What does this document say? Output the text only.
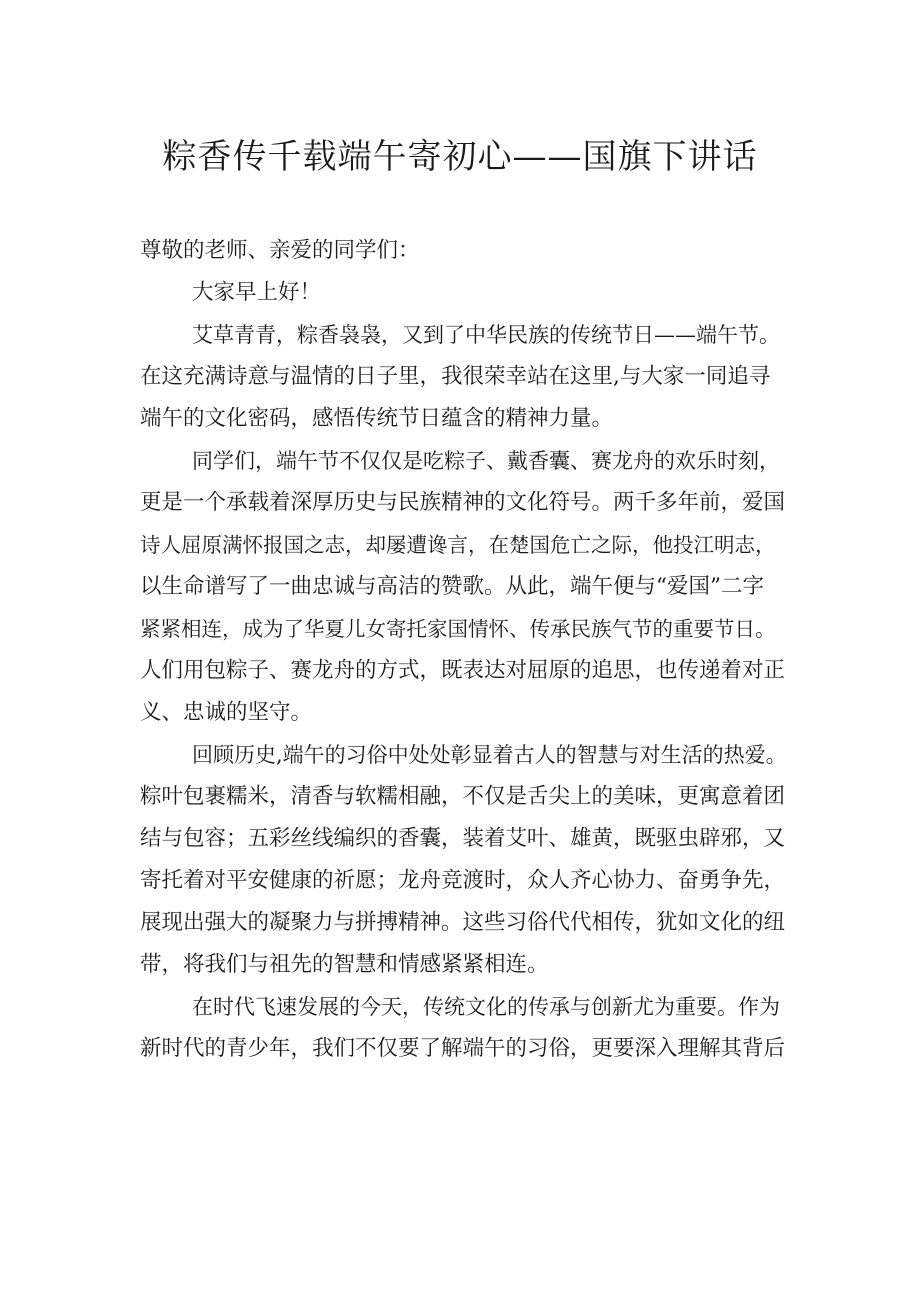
粽香传千载端午寄初心——国旗下讲话
尊敬的老师、亲爱的同学们：
大家早上好！
艾草青青，粽香袅袅，又到了中华民族的传统节日——端午节。
在这充满诗意与温情的日子里，我很荣幸站在这里,与大家一同追寻
端午的文化密码，感悟传统节日蕴含的精神力量。
同学们，端午节不仅仅是吃粽子、戴香囊、赛龙舟的欢乐时刻，
更是一个承载着深厚历史与民族精神的文化符号。两千多年前，爱国
诗人屈原满怀报国之志，却屡遭谗言，在楚国危亡之际，他投江明志，
以生命谱写了一曲忠诚与高洁的赞歌。从此，端午便与“爱国”二字
紧紧相连，成为了华夏儿女寄托家国情怀、传承民族气节的重要节日。
人们用包粽子、赛龙舟的方式，既表达对屈原的追思，也传递着对正
义、忠诚的坚守。
回顾历史,端午的习俗中处处彰显着古人的智慧与对生活的热爱。
粽叶包裹糯米，清香与软糯相融，不仅是舌尖上的美味，更寓意着团
结与包容；五彩丝线编织的香囊，装着艾叶、雄黄，既驱虫辟邪，又
寄托着对平安健康的祈愿；龙舟竞渡时，众人齐心协力、奋勇争先，
展现出强大的凝聚力与拼搏精神。这些习俗代代相传，犹如文化的纽
带，将我们与祖先的智慧和情感紧紧相连。
在时代飞速发展的今天，传统文化的传承与创新尤为重要。作为
新时代的青少年，我们不仅要了解端午的习俗，更要深入理解其背后
